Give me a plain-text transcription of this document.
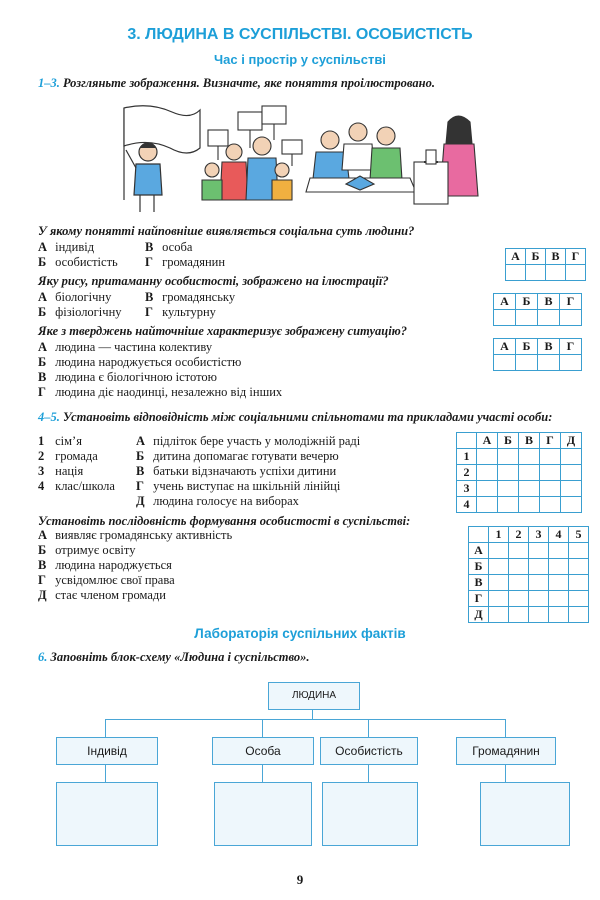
3. ЛЮДИНА В СУСПІЛЬСТВІ. ОСОБИСТІСТЬ
Час і простір у суспільстві
1–3. Розгляньте зображення. Визначте, яке поняття проілюстровано.
У якому понятті найповніше виявляється соціальна суть людини?
А індивід	В особа
Б особистість Г громадянин	А	Б	В	Г

Яку рису, притаманну особистості, зображено на ілюстрації?
А біологічну	В громадянську
Б фізіологічну Г культурну
А	Б	В	Г

Яке з тверджень найточніше характеризує зображену ситуацію?
А людина — частина колективу
Б людина народжується особистістю
В людина є біологічною істотою
Г людина діє наодинці, незалежно від інших
А	Б	В	Г

4–5. Установіть відповідність між соціальними спільнотами та прикладами участі особи:
1 сім’я
2 громада
3 нація
4 клас/школа
А підліток бере участь у молодіжній раді
Б дитина допомагає готувати вечерю
В батьки відзначають успіхи дитини
Г учень виступає на шкільній лінійці
Д людина голосує на виборах
	А	Б	В	Г	Д
1					
2					
3					
4					
Установіть послідовність формування особистості в суспільстві:
А виявляє громадянську активність
Б отримує освіту
В людина народжується
Г усвідомлює свої права
Д стає членом громади
	1	2	3	4	5
А					
Б					
В					
Г					
Д					
Лабораторія суспільних фактів
6. Заповніть блок-схему «Людина і суспільство».
ЛЮДИНА
Індивід	Особа	Особистість	Громадянин
9
